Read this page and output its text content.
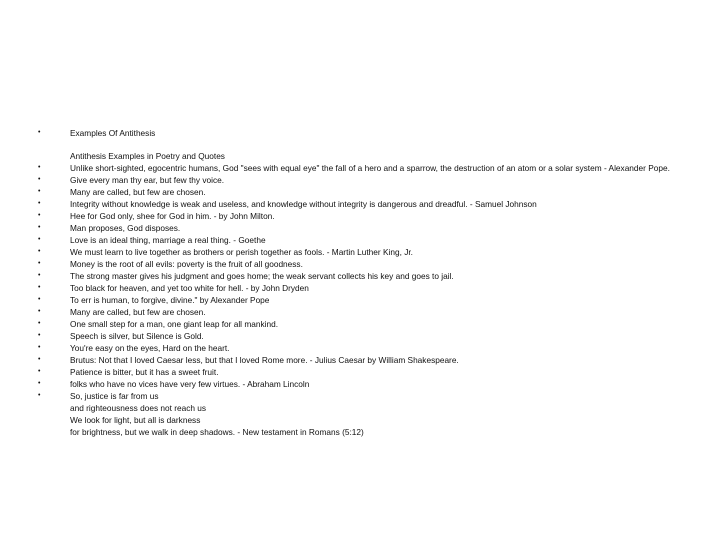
•	Examples Of Antithesis
•
Antithesis Examples in Poetry and Quotes
Unlike short-sighted, egocentric humans, God "sees with equal eye" the fall of a hero and a sparrow, the destruction of an atom or a solar system - Alexander Pope.
•	Give every man thy ear, but few thy voice.
•	Many are called, but few are chosen.
•	Integrity without knowledge is weak and useless, and knowledge without integrity is dangerous and dreadful. - Samuel Johnson
•	Hee for God only, shee for God in him. - by John Milton.
•	Man proposes, God disposes.
•	Love is an ideal thing, marriage a real thing. - Goethe
•	We must learn to live together as brothers or perish together as fools. - Martin Luther King, Jr.
•	Money is the root of all evils: poverty is the fruit of all goodness.
•	The strong master gives his judgment and goes home; the weak servant collects his key and goes to jail.
•	Too black for heaven, and yet too white for hell. - by John Dryden
•	To err is human, to forgive, divine." by Alexander Pope
•	Many are called, but few are chosen.
•	One small step for a man, one giant leap for all mankind.
•	Speech is silver, but Silence is Gold.
•	You're easy on the eyes, Hard on the heart.
•	Brutus: Not that I loved Caesar less, but that I loved Rome more. - Julius Caesar by William Shakespeare.
•	Patience is bitter, but it has a sweet fruit.
•	folks who have no vices have very few virtues. - Abraham Lincoln
•	So, justice is far from us
and righteousness does not reach us
We look for light, but all is darkness
for brightness, but we walk in deep shadows. - New testament in Romans (5:12)
